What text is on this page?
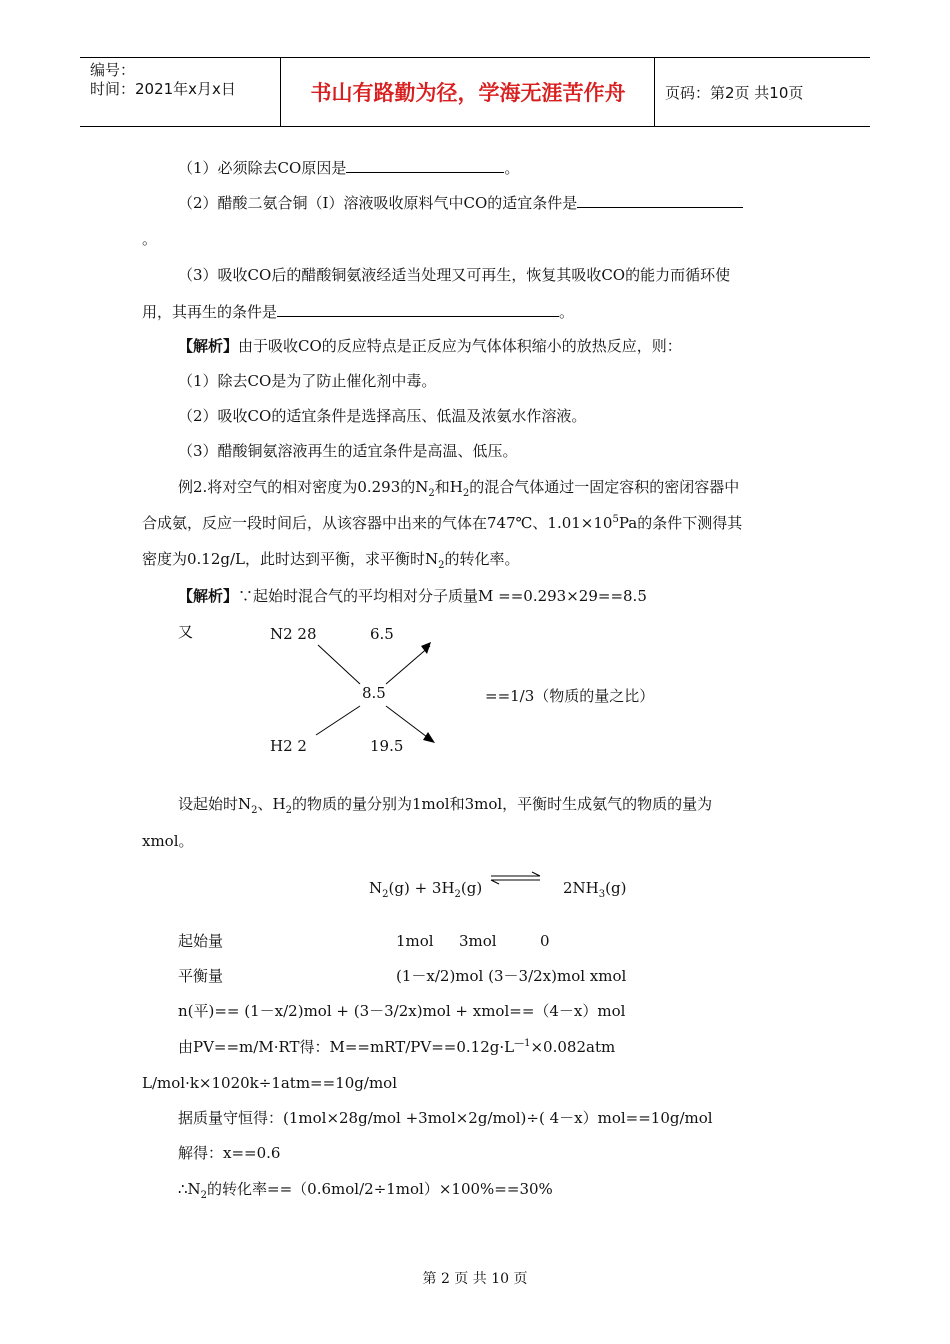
编号：
时间：2021年x月x日	书山有路勤为径，学海无涯苦作舟	页码：第2页 共10页
（1）必须除去CO原因是	。
（2）醋酸二氨合铜（Ⅰ）溶液吸收原料气中CO的适宜条件是
。
（3）吸收CO后的醋酸铜氨液经适当处理又可再生，恢复其吸收CO的能力而循环使
用，其再生的条件是	。
【解析】由于吸收CO的反应特点是正反应为气体体积缩小的放热反应，则：
（1）除去CO是为了防止催化剂中毒。
（2）吸收CO的适宜条件是选择高压、低温及浓氨水作溶液。
（3）醋酸铜氨溶液再生的适宜条件是高温、低压。
例2.将对空气的相对密度为0.293的$N_2$和$H_2$的混合气体通过一固定容积的密闭容器中
合成氨，反应一段时间后，从该容器中出来的气体在747℃、$1.01\times 10^5Pa$的条件下测得其
密度为0.12g/L，此时达到平衡，求平衡时$N_2$的转化率。
【解析】∵起始时混合气的平均相对分子质量M ==0.293×29==8.5
又	N2 28	6.5
8.5	==1/3（物质的量之比）
H2 2	19.5
设起始时$N_2$、$H_2$的物质的量分别为1mol和3mol，平衡时生成氨气的物质的量为
xmol。
$N_2(g) + 3H_2(g)$	$2NH_3(g)$
起始量	1mol 3mol	0
平衡量	(1－x/2)mol (3－3/2x)mol xmol
n(平)== (1－x/2)mol + (3－3/2x)mol + xmol==（4－x）mol
由PV==m/M·RT得：$M==mRT/PV==0.12g\cdot L^{—1}\times 0.082atm$
L/mol·k×1020k÷1atm==10g/mol
据质量守恒得：(1mol×28g/mol +3mol×2g/mol)÷( 4－x）mol==10g/mol
解得：x==0.6
$\therefore N_2$的转化率==（0.6mol/2÷1mol）×100%==30%
第 2 页 共 10 页
